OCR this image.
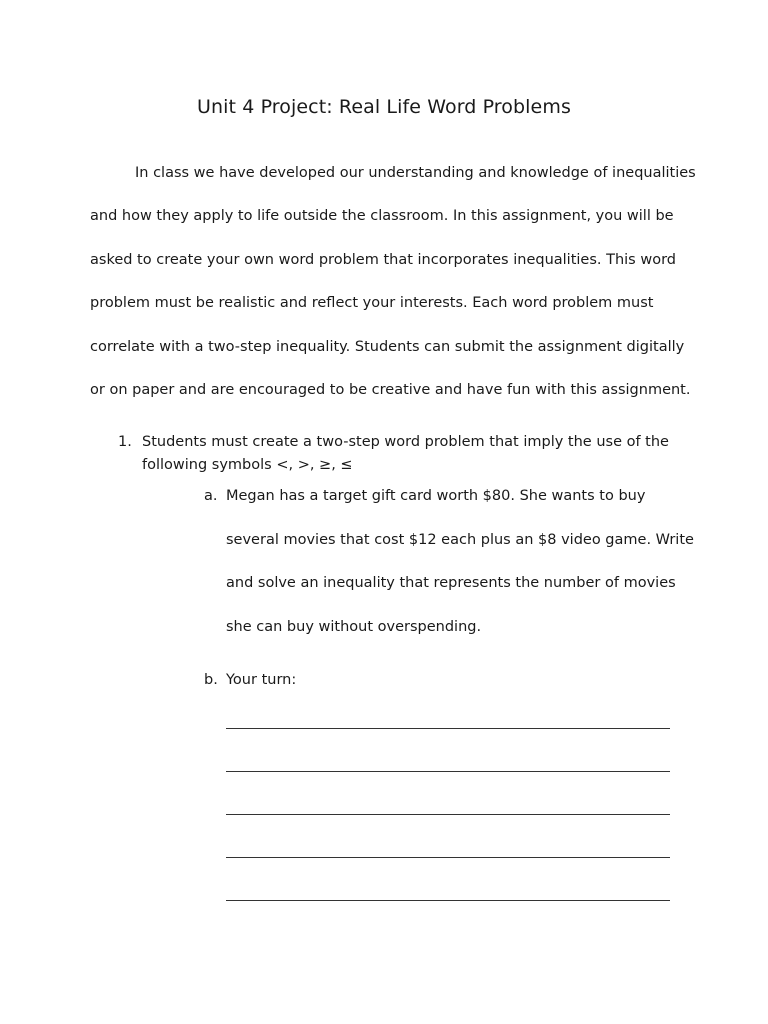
Unit 4 Project: Real Life Word Problems
In class we have developed our understanding and knowledge of inequalities
and how they apply to life outside the classroom. In this assignment, you will be
asked to create your own word problem that incorporates inequalities. This word
problem must be realistic and reflect your interests. Each word problem must
correlate with a two-step inequality. Students can submit the assignment digitally
or on paper and are encouraged to be creative and have fun with this assignment.
1. Students must create a two-step word problem that imply the use of the
following symbols <, >, ≥, ≤
a. Megan has a target gift card worth $80. She wants to buy
several movies that cost $12 each plus an $8 video game. Write
and solve an inequality that represents the number of movies
she can buy without overspending.
b. Your turn:
